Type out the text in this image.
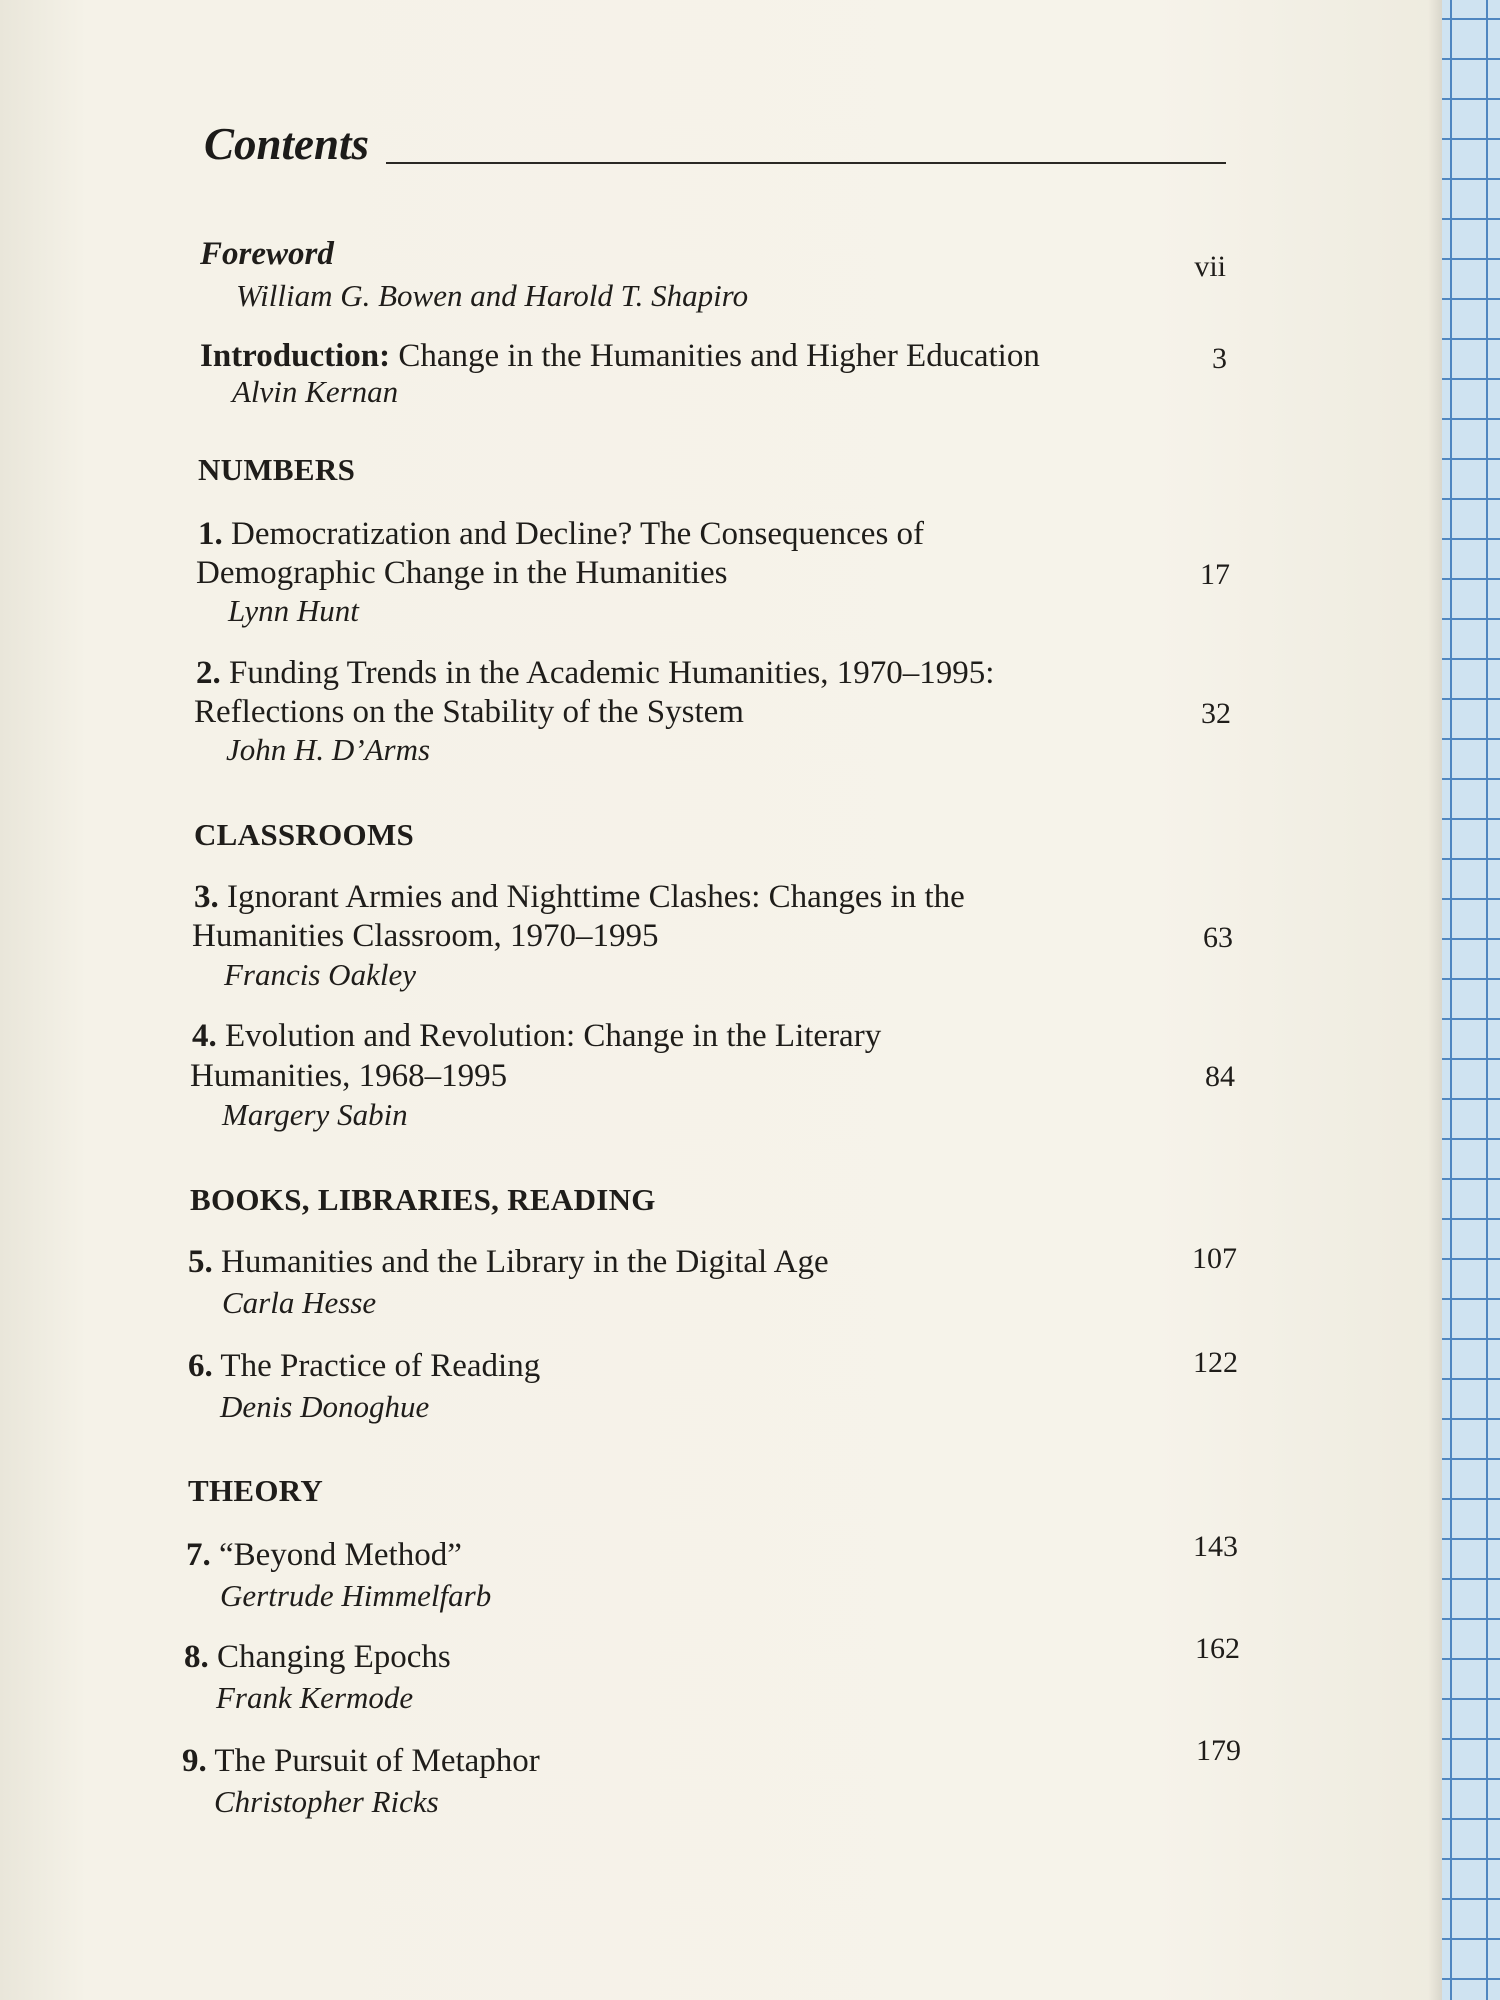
Contents
Foreword
William G. Bowen and Harold T. Shapiro
vii
Introduction: Change in the Humanities and Higher Education
Alvin Kernan
3
NUMBERS
1. Democratization and Decline? The Consequences of
Demographic Change in the Humanities
Lynn Hunt
17
2. Funding Trends in the Academic Humanities, 1970–1995:
Reflections on the Stability of the System
John H. D’Arms
32
CLASSROOMS
3. Ignorant Armies and Nighttime Clashes: Changes in the
Humanities Classroom, 1970–1995
Francis Oakley
63
4. Evolution and Revolution: Change in the Literary
Humanities, 1968–1995
Margery Sabin
84
BOOKS, LIBRARIES, READING
5. Humanities and the Library in the Digital Age
Carla Hesse
107
6. The Practice of Reading
Denis Donoghue
122
THEORY
7. “Beyond Method”
Gertrude Himmelfarb
143
8. Changing Epochs
Frank Kermode
162
9. The Pursuit of Metaphor
Christopher Ricks
179
